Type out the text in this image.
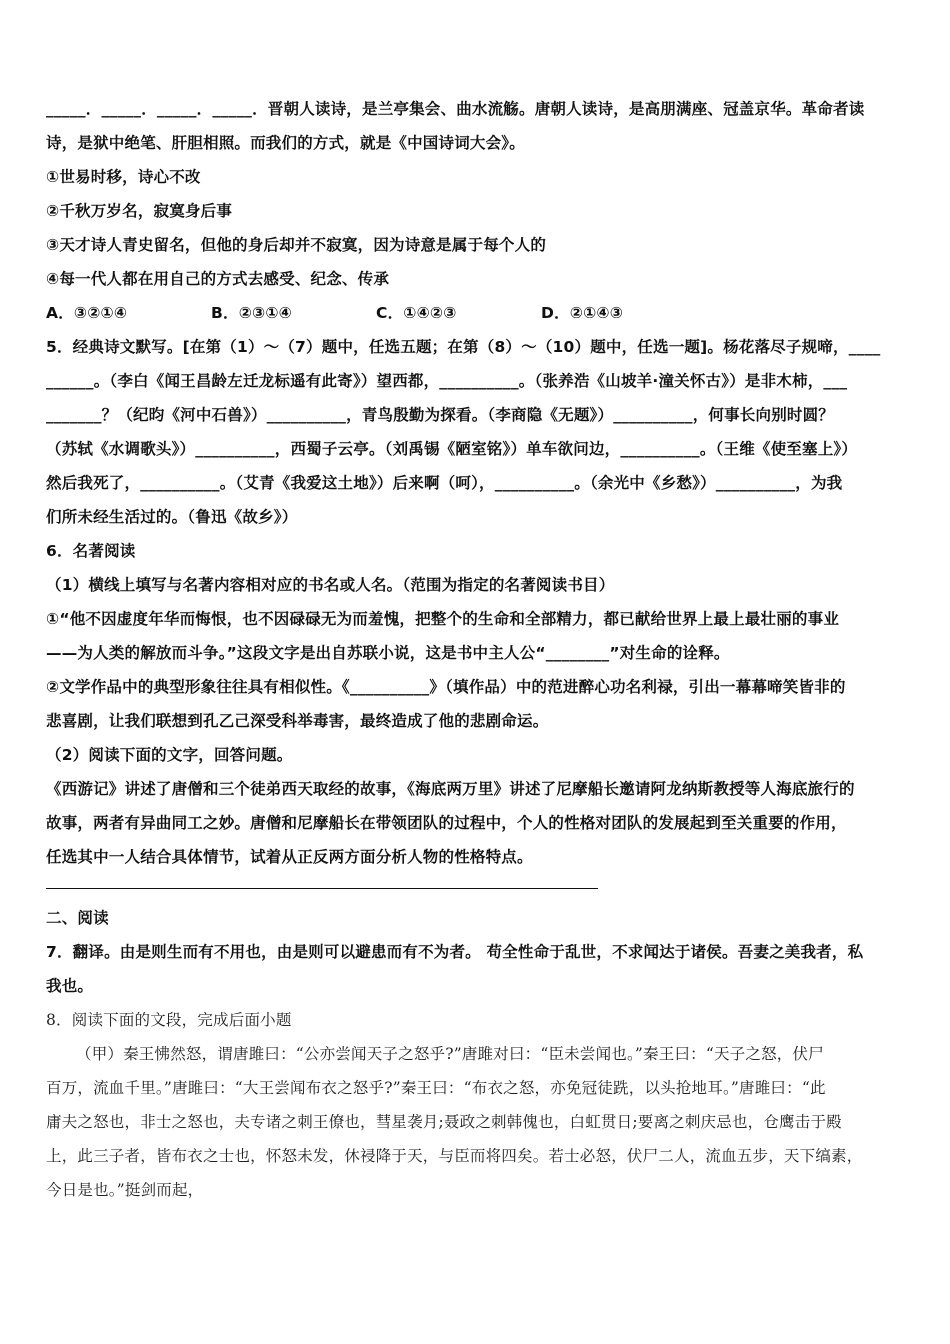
_____．_____．_____．_____．晋朝人读诗，是兰亭集会、曲水流觞。唐朝人读诗，是高朋满座、冠盖京华。革命者读
诗，是狱中绝笔、肝胆相照。而我们的方式，就是《中国诗词大会》。
①世易时移，诗心不改
②千秋万岁名，寂寞身后事
③天才诗人青史留名，但他的身后却并不寂寞，因为诗意是属于每个人的
④每一代人都在用自己的方式去感受、纪念、传承
A．③②①④	B．②③①④	C．①④②③	D．②①④③
5．经典诗文默写。[在第（1）～（7）题中，任选五题；在第（8）～（10）题中，任选一题]。杨花落尽子规啼，____
______。（李白《闻王昌龄左迁龙标遥有此寄》）望西都，__________。（张养浩《山坡羊·潼关怀古》）是非木柿，___
_______？（纪昀《河中石兽》）__________，青鸟殷勤为探看。（李商隐《无题》）__________，何事长向别时圆？
（苏轼《水调歌头》）__________，西蜀子云亭。（刘禹锡《陋室铭》）单车欲问边，__________。（王维《使至塞上》）
然后我死了，__________。（艾青《我爱这土地》）后来啊（呵），__________。（余光中《乡愁》）__________，为我
们所未经生活过的。（鲁迅《故乡》）
6．名著阅读
（1）横线上填写与名著内容相对应的书名或人名。（范围为指定的名著阅读书目）
①“他不因虚度年华而悔恨，也不因碌碌无为而羞愧，把整个的生命和全部精力，都已献给世界上最上最壮丽的事业
——为人类的解放而斗争。”这段文字是出自苏联小说，这是书中主人公“________”对生命的诠释。
②文学作品中的典型形象往往具有相似性。《__________》（填作品）中的范进醉心功名利禄，引出一幕幕啼笑皆非的
悲喜剧，让我们联想到孔乙己深受科举毒害，最终造成了他的悲剧命运。
（2）阅读下面的文字，回答问题。
《西游记》讲述了唐僧和三个徒弟西天取经的故事，《海底两万里》讲述了尼摩船长邀请阿龙纳斯教授等人海底旅行的
故事，两者有异曲同工之妙。唐僧和尼摩船长在带领团队的过程中，个人的性格对团队的发展起到至关重要的作用，
任选其中一人结合具体情节，试着从正反两方面分析人物的性格特点。
二、阅读
7．翻译。由是则生而有不用也，由是则可以避患而有不为者。 苟全性命于乱世，不求闻达于诸侯。吾妻之美我者，私
我也。
8．阅读下面的文段，完成后面小题
（甲）秦王怫然怒，谓唐雎曰：“公亦尝闻天子之怒乎?”唐雎对曰：“臣未尝闻也。”秦王曰：“天子之怒，伏尸
百万，流血千里。”唐雎曰：“大王尝闻布衣之怒乎?”秦王曰：“布衣之怒，亦免冠徒跣，以头抢地耳。”唐雎曰：“此
庸夫之怒也，非士之怒也，夫专诸之刺王僚也，彗星袭月;聂政之刺韩傀也，白虹贯日;要离之刺庆忌也，仓鹰击于殿
上，此三子者，皆布衣之士也，怀怒未发，休祲降于天，与臣而将四矣。若士必怒，伏尸二人，流血五步，天下缟素，
今日是也。”挺剑而起，
